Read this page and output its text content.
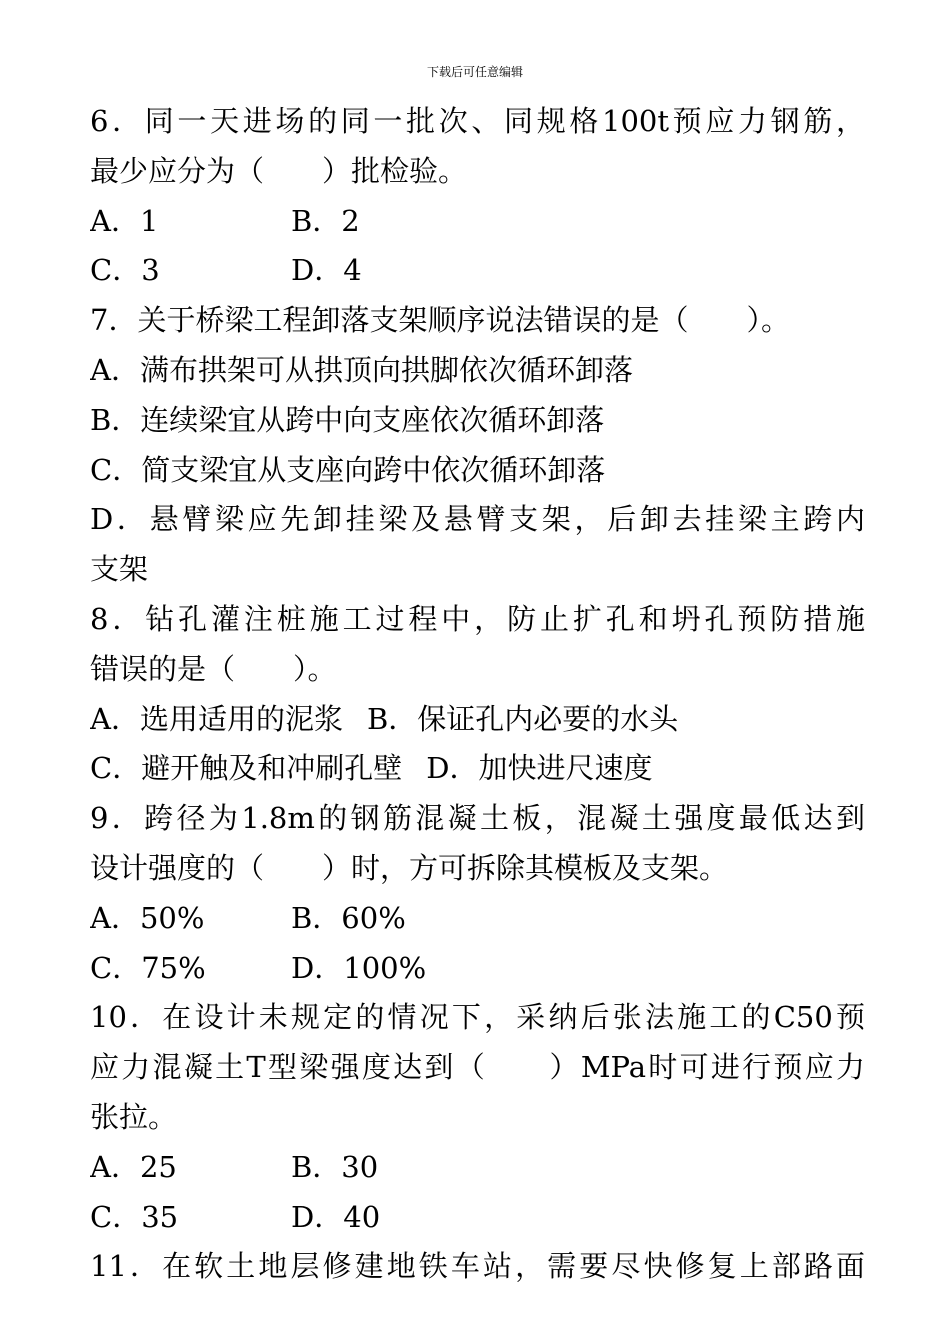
下载后可任意编辑
6．同一天进场的同一批次、同规格100t预应力钢筋，
最少应分为（　　）批检验。
A．1	B．2
C．3	D．4
7．关于桥梁工程卸落支架顺序说法错误的是（　　）。
A．满布拱架可从拱顶向拱脚依次循环卸落
B．连续梁宜从跨中向支座依次循环卸落
C．简支梁宜从支座向跨中依次循环卸落
D．悬臂梁应先卸挂梁及悬臂支架，后卸去挂梁主跨内
支架
8．钻孔灌注桩施工过程中，防止扩孔和坍孔预防措施
错误的是（　　）。
A．选用适用的泥浆 B．保证孔内必要的水头
C．避开触及和冲刷孔壁 D．加快进尺速度
9．跨径为1.8m的钢筋混凝土板，混凝土强度最低达到
设计强度的（　　）时，方可拆除其模板及支架。
A．50%	B．60%
C．75%	D．100%
10．在设计未规定的情况下，采纳后张法施工的C50预
应力混凝土T型梁强度达到（　　）MPa时可进行预应力
张拉。
A．25	B．30
C．35	D．40
11．在软土地层修建地铁车站，需要尽快修复上部路面
